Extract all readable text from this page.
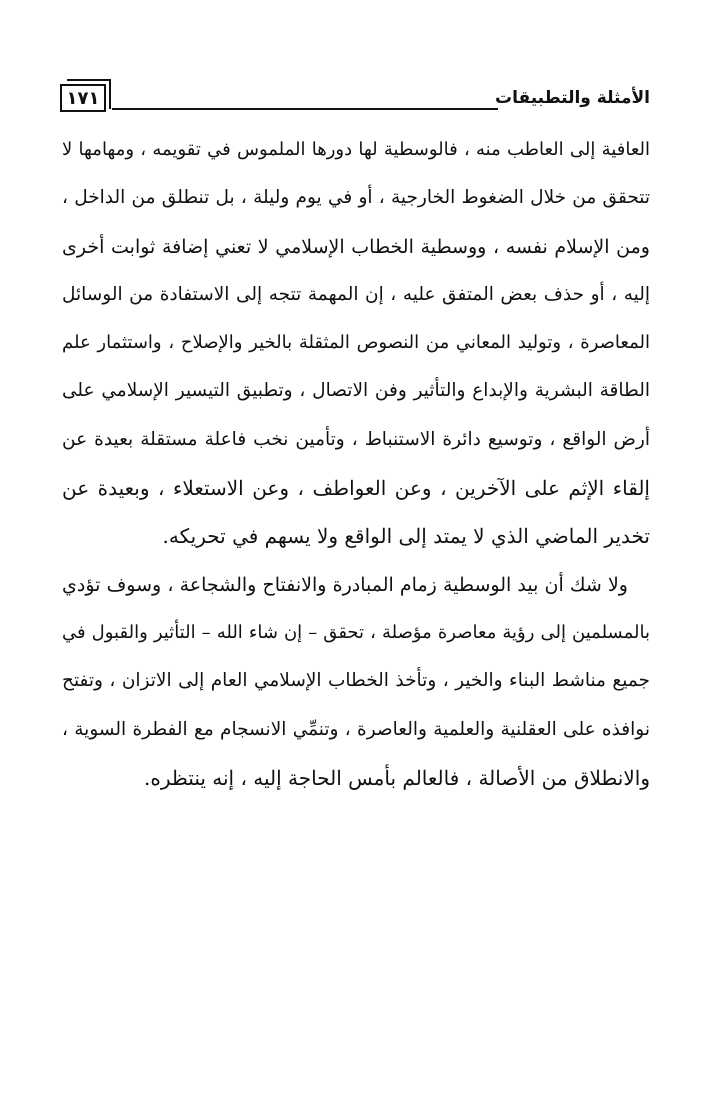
١٧١	الأمثلة والتطبيقات
العافية إلى العاطب منه ، فالوسطية لها دورها الملموس في تقويمه ، ومهامها لا
تتحقق من خلال الضغوط الخارجية ، أو في يوم وليلة ، بل تنطلق من الداخل ،
ومن الإسلام نفسه ، ووسطية الخطاب الإسلامي لا تعني إضافة ثوابت أخرى
إليه ، أو حذف بعض المتفق عليه ، إن المهمة تتجه إلى الاستفادة من الوسائل
المعاصرة ، وتوليد المعاني من النصوص المثقلة بالخير والإصلاح ، واستثمار علم
الطاقة البشرية والإبداع والتأثير وفن الاتصال ، وتطبيق التيسير الإسلامي على
أرض الواقع ، وتوسيع دائرة الاستنباط ، وتأمين نخب فاعلة مستقلة بعيدة عن
إلقاء الإثم على الآخرين ، وعن العواطف ، وعن الاستعلاء ، وبعيدة عن
تخدير الماضي الذي لا يمتد إلى الواقع ولا يسهم في تحريكه.
ولا شك أن بيد الوسطية زمام المبادرة والانفتاح والشجاعة ، وسوف تؤدي
بالمسلمين إلى رؤية معاصرة مؤصلة ، تحقق – إن شاء الله – التأثير والقبول في
جميع مناشط البناء والخير ، وتأخذ الخطاب الإسلامي العام إلى الاتزان ، وتفتح
نوافذه على العقلنية والعلمية والعاصرة ، وتنمِّي الانسجام مع الفطرة السوية ،
والانطلاق من الأصالة ، فالعالم بأمس الحاجة إليه ، إنه ينتظره.
